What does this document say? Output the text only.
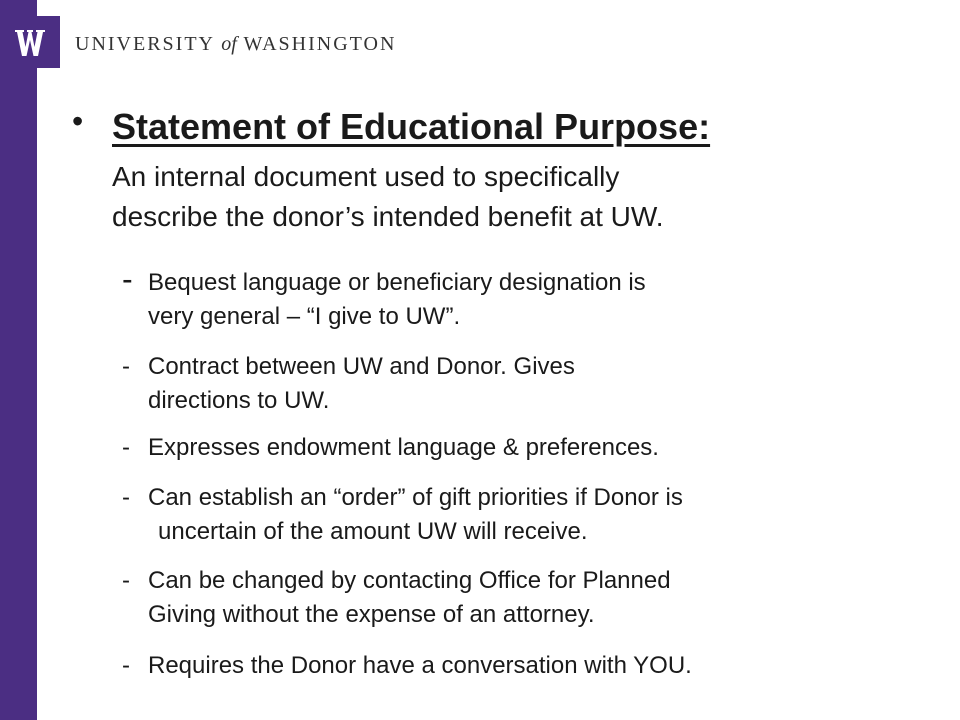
UNIVERSITY of WASHINGTON
• Statement of Educational Purpose:
An internal document used to specifically
describe the donor’s intended benefit at UW.
- Bequest language or beneficiary designation is
very general – “I give to UW”.
- Contract between UW and Donor. Gives
directions to UW.
- Expresses endowment language & preferences.
- Can establish an “order” of gift priorities if Donor is
uncertain of the amount UW will receive.
- Can be changed by contacting Office for Planned
Giving without the expense of an attorney.
- Requires the Donor have a conversation with YOU.
